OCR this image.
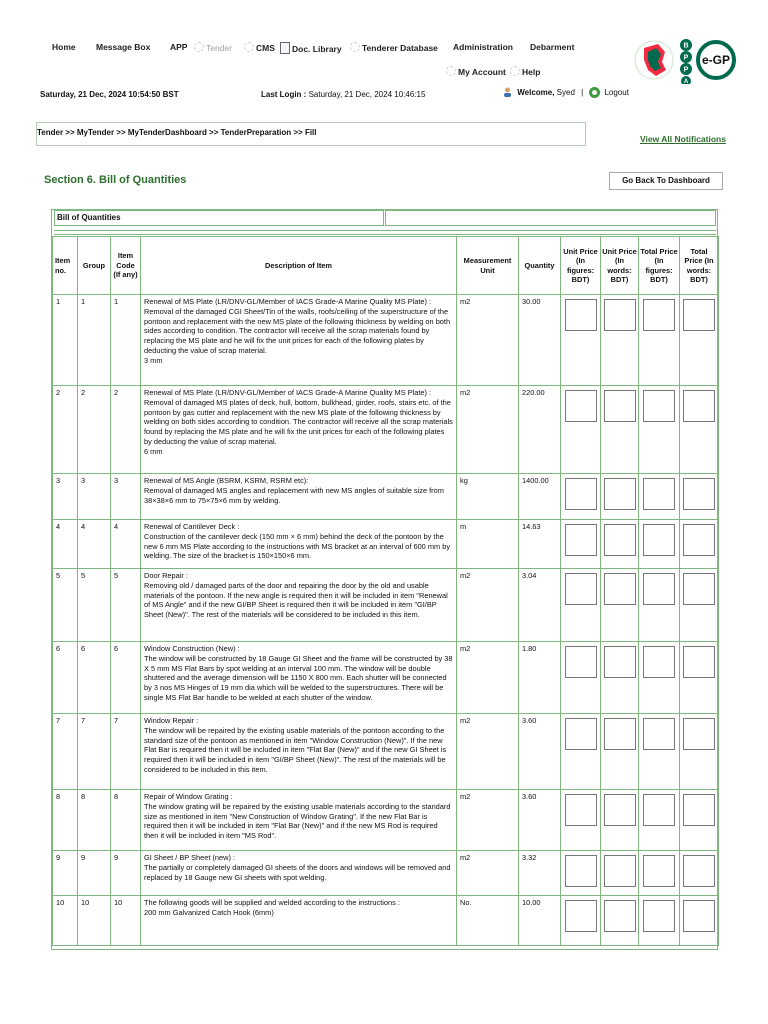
Home Message Box APP	Tender	CMS	Doc. Library	Tenderer Database Administration Debarment
My Account	Help
B
P
P
A
e-GP
Saturday, 21 Dec, 2024 10:54:50 BST	Last Login : Saturday, 21 Dec, 2024 10:46:15	Welcome, Syed |	Logout
Tender >> MyTender >> MyTenderDashboard >> TenderPreparation >> Fill
View All Notifications
Section 6. Bill of Quantities	Go Back To Dashboard
Bill of Quantities
Item no.	Group	Item Code (If any)	Description of Item	Measurement Unit	Quantity	Unit Price (In figures: BDT)	Unit Price (In words: BDT)	Total Price (In figures: BDT)	Total Price (In words: BDT)
1	1	1	Renewal of MS Plate (LR/DNV-GL/Member of IACS Grade-A Marine Quality MS Plate) :
Removal of the damaged CGI Sheet/Tin of the walls, roofs/ceiling of the superstructure of the pontoon and replacement with the new MS plate of the following thickness by welding on both sides according to condition. The contractor will receive all the scrap materials found by replacing the MS plate and he will fix the unit prices for each of the following plates by deducting the value of scrap material.
3 mm	m2	30.00	

2	2	2	Renewal of MS Plate (LR/DNV-GL/Member of IACS Grade-A Marine Quality MS Plate) :
Removal of damaged MS plates of deck, hull, bottom, bulkhead, girder, roofs, stairs etc. of the pontoon by gas cutter and replacement with the new MS plate of the following thickness by welding on both sides according to condition. The contractor will receive all the scrap materials found by replacing the MS plate and he will fix the unit prices for each of the following plates by deducting the value of scrap material.
6 mm	m2	220.00	

3	3	3	Renewal of MS Angle (BSRM, KSRM, RSRM etc):
Removal of damaged MS angles and replacement with new MS angles of suitable size from 38×38×6 mm to 75×75×6 mm by welding.	kg	1400.00	

4	4	4	Renewal of Cantilever Deck :
Construction of the cantilever deck (150 mm × 6 mm) behind the deck of the pontoon by the new 6 mm MS Plate according to the instructions with MS bracket at an interval of 600 mm by welding. The size of the bracket is 150×150×6 mm.	m	14.63	

5	5	5	Door Repair :
Removing old / damaged parts of the door and repairing the door by the old and usable materials of the pontoon. If the new angle is required then it will be included in item "Renewal of MS Angle" and if the new GI/BP Sheet is required then it will be included in item "GI/BP Sheet (New)". The rest of the materials will be considered to be included in this item.	m2	3.04	

6	6	6	Window Construction (New) :
The window will be constructed by 18 Gauge GI Sheet and the frame will be constructed by 38 X 5 mm MS Flat Bars by spot welding at an interval 100 mm. The window will be double shuttered and the average dimension will be 1150 X 800 mm. Each shutter will be connected by 3 nos MS Hinges of 19 mm dia which will be welded to the superstructures. There will be single MS Flat Bar handle to be welded at each shutter of the window.	m2	1.80	

7	7	7	Window Repair :
The window will be repaired by the existing usable materials of the pontoon according to the standard size of the pontoon as mentioned in item "Window Construction (New)". If the new Flat Bar is required then it will be included in item "Flat Bar (New)" and if the new GI Sheet is required then it will be included in item "GI/BP Sheet (New)". The rest of the materials will be considered to be included in this item.	m2	3.60	

8	8	8	Repair of Window Grating :
The window grating will be repaired by the existing usable materials according to the standard size as mentioned in item "New Construction of Window Grating". If the new Flat Bar is required then it will be included in item "Flat Bar (New)" and if the new MS Rod is required then it will be included in item "MS Rod".	m2	3.60	

9	9	9	GI Sheet / BP Sheet (new) :
The partially or completely damaged GI sheets of the doors and windows will be removed and replaced by 18 Gauge new GI sheets with spot welding.	m2	3.32	

10	10	10	The following goods will be supplied and welded according to the instructions :
200 mm Galvanized Catch Hook (6mm)	No.	10.00	
